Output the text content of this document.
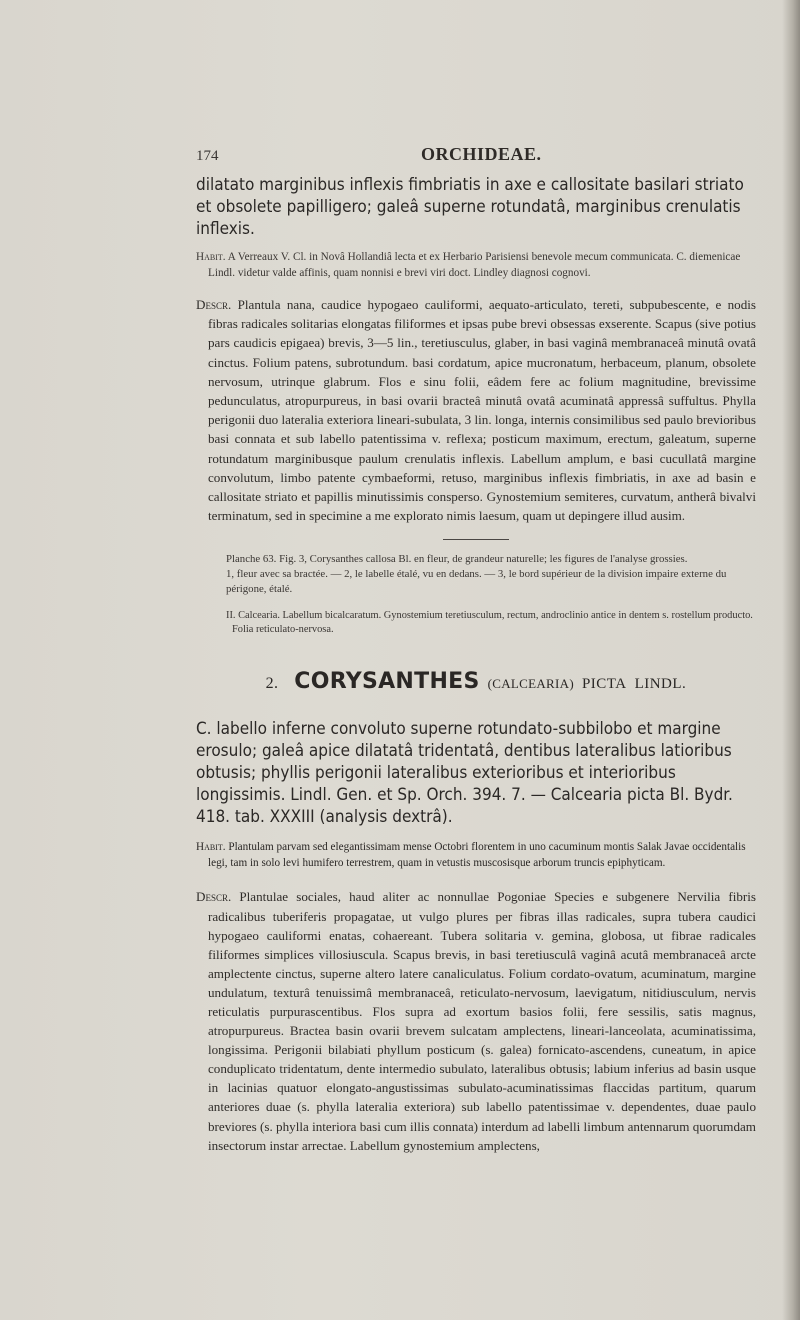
174	ORCHIDEAE.

dilatato marginibus inflexis fimbriatis in axe e callositate basilari striato et obsolete papilligero; galeâ superne rotundatâ, marginibus crenulatis inflexis.

Habit. A Verreaux V. Cl. in Novâ Hollandiâ lecta et ex Herbario Parisiensi benevole mecum communicata. C. diemenicae Lindl. videtur valde affinis, quam nonnisi e brevi viri doct. Lindley diagnosi cognovi.

Descr. Plantula nana, caudice hypogaeo cauliformi, aequato-articulato, tereti, subpubescente, e nodis fibras radicales solitarias elongatas filiformes et ipsas pube brevi obsessas exserente. Scapus (sive potius pars caudicis epigaea) brevis, 3—5 lin., teretiusculus, glaber, in basi vaginâ membranaceâ minutâ ovatâ cinctus. Folium patens, subrotundum. basi cordatum, apice mucronatum, herbaceum, planum, obsolete nervosum, utrinque glabrum. Flos e sinu folii, eâdem fere ac folium magnitudine, brevissime pedunculatus, atropurpureus, in basi ovarii bracteâ minutâ ovatâ acuminatâ appressâ suffultus. Phylla perigonii duo lateralia exteriora lineari-subulata, 3 lin. longa, internis consimilibus sed paulo brevioribus basi connata et sub labello patentissima v. reflexa; posticum maximum, erectum, galeatum, superne rotundatum marginibusque paulum crenulatis inflexis. Labellum amplum, e basi cucullatâ margine convolutum, limbo patente cymbaeformi, retuso, marginibus inflexis fimbriatis, in axe ad basin e callositate striato et papillis minutissimis consperso. Gynostemium semiteres, curvatum, antherâ bivalvi terminatum, sed in specimine a me explorato nimis laesum, quam ut depingere illud ausim.

Planche 63. Fig. 3, Corysanthes callosa Bl. en fleur, de grandeur naturelle; les figures de l'analyse grossies.

1, fleur avec sa bractée. — 2, le labelle étalé, vu en dedans. — 3, le bord supérieur de la division impaire externe du périgone, étalé.

II. Calcearia. Labellum bicalcaratum. Gynostemium teretiusculum, rectum, androclinio antice in dentem s. rostellum producto. Folia reticulato-nervosa.

2. CORYSANTHES (CALCEARIA) PICTA LINDL.

C. labello inferne convoluto superne rotundato-subbilobo et margine erosulo; galeâ apice dilatatâ tridentatâ, dentibus lateralibus latioribus obtusis; phyllis perigonii lateralibus exterioribus et interioribus longissimis. Lindl. Gen. et Sp. Orch. 394. 7. — Calcearia picta Bl. Bydr. 418. tab. XXXIII (analysis dextrâ).

Habit. Plantulam parvam sed elegantissimam mense Octobri florentem in uno cacuminum montis Salak Javae occidentalis legi, tam in solo levi humifero terrestrem, quam in vetustis muscosisque arborum truncis epiphyticam.

Descr. Plantulae sociales, haud aliter ac nonnullae Pogoniae Species e subgenere Nervilia fibris radicalibus tuberiferis propagatae, ut vulgo plures per fibras illas radicales, supra tubera caudici hypogaeo cauliformi enatas, cohaereant. Tubera solitaria v. gemina, globosa, ut fibrae radicales filiformes simplices villosiuscula. Scapus brevis, in basi teretiusculâ vaginâ acutâ membranaceâ arcte amplectente cinctus, superne altero latere canaliculatus. Folium cordato-ovatum, acuminatum, margine undulatum, texturâ tenuissimâ membranaceâ, reticulato-nervosum, laevigatum, nitidiusculum, nervis reticulatis purpurascentibus. Flos supra ad exortum basios folii, fere sessilis, satis magnus, atropurpureus. Bractea basin ovarii brevem sulcatam amplectens, lineari-lanceolata, acuminatissima, longissima. Perigonii bilabiati phyllum posticum (s. galea) fornicato-ascendens, cuneatum, in apice conduplicato tridentatum, dente intermedio subulato, lateralibus obtusis; labium inferius ad basin usque in lacinias quatuor elongato-angustissimas subulato-acuminatissimas flaccidas partitum, quarum anteriores duae (s. phylla lateralia exteriora) sub labello patentissimae v. dependentes, duae paulo breviores (s. phylla interiora basi cum illis connata) interdum ad labelli limbum antennarum quorumdam insectorum instar arrectae. Labellum gynostemium amplectens,
